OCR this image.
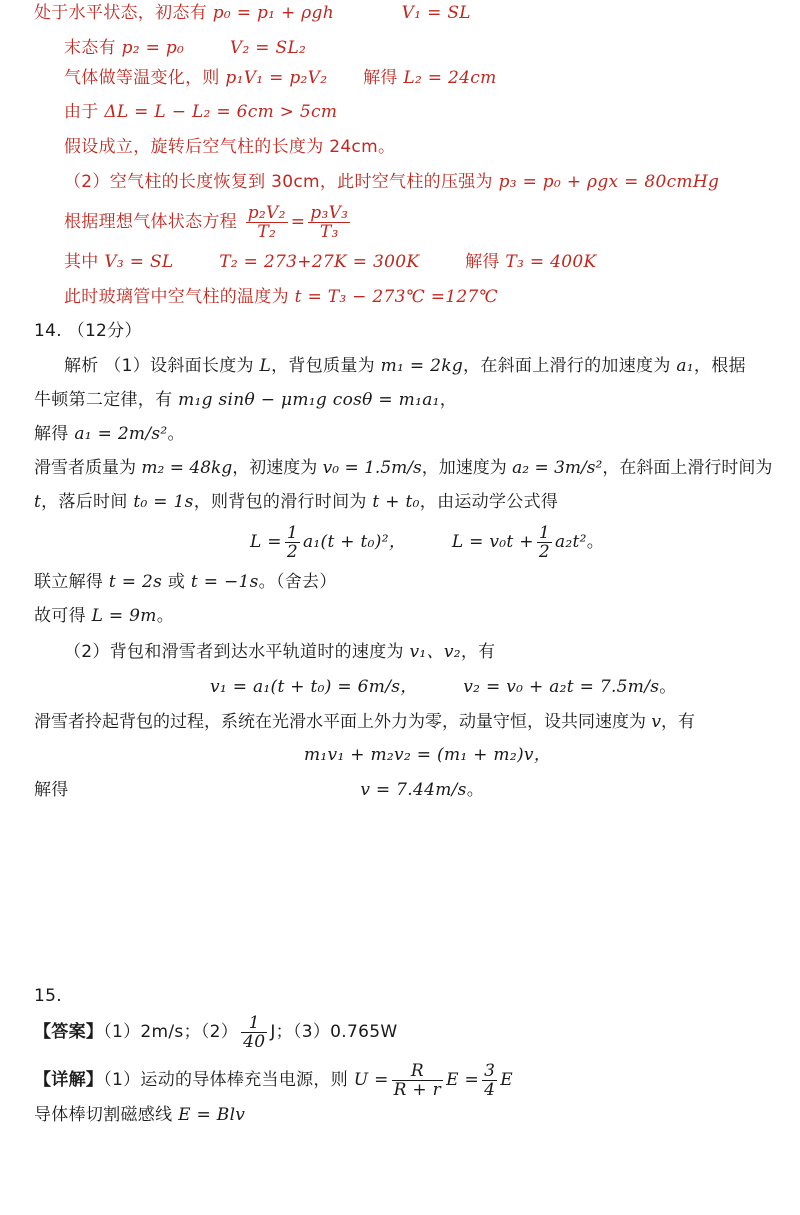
处于水平状态，初态有 p₀ = p₁ + ρgh	V₁ = SL
末态有 p₂ = p₀	V₂ = SL₂
气体做等温变化，则 p₁V₁ = p₂V₂ 解得 L₂ = 24cm
由于 ΔL = L − L₂ = 6cm > 5cm
假设成立，旋转后空气柱的长度为 24cm。
（2）空气柱的长度恢复到 30cm，此时空气柱的压强为 p₃ = p₀ + ρgx = 80cmHg
根据理想气体状态方程 $\frac{\text{p₂V₂}}{\text{T₂}} = \frac{\text{p₃V₃}}{\text{T₃}}$
其中 V₃ = SL	T₂ = 273+27K = 300K	解得 T₃ = 400K
此时玻璃管中空气柱的温度为 t = T₃ − 273℃ =127℃
14. （12分）
解析 （1）设斜面长度为 L，背包质量为 m₁ = 2kg，在斜面上滑行的加速度为 a₁，根据
牛顿第二定律，有 m₁g sinθ − μm₁g cosθ = m₁a₁，
解得 a₁ = 2m/s²。
滑雪者质量为 m₂ = 48kg，初速度为 v₀ = 1.5m/s，加速度为 a₂ = 3m/s²，在斜面上滑行时间为
t，落后时间 t₀ = 1s，则背包的滑行时间为 t + t₀，由运动学公式得
$L = \frac{1}{2} a_1(t + t_0)^2$，	$L = v_0t + \frac{1}{2} a_2t^2$。
联立解得 t = 2s 或 t = −1s。（舍去）
故可得 L = 9m。
（2）背包和滑雪者到达水平轨道时的速度为 v₁、v₂，有
v₁ = a₁(t + t₀) = 6m/s，	v₂ = v₀ + a₂t = 7.5m/s。
滑雪者拎起背包的过程，系统在光滑水平面上外力为零，动量守恒，设共同速度为 v，有
m₁v₁ + m₂v₂ = (m₁ + m₂)v，
解得	v = 7.44m/s。
15.
【答案】（1）2m/s；$(2) \frac{1}{40}$ J；（3）0.765W
【详解】（1）运动的导体棒充当电源，则 $U = \frac{R}{R + r}$ $E = \frac{3}{4}$ E
导体棒切割磁感线 E = Blv
